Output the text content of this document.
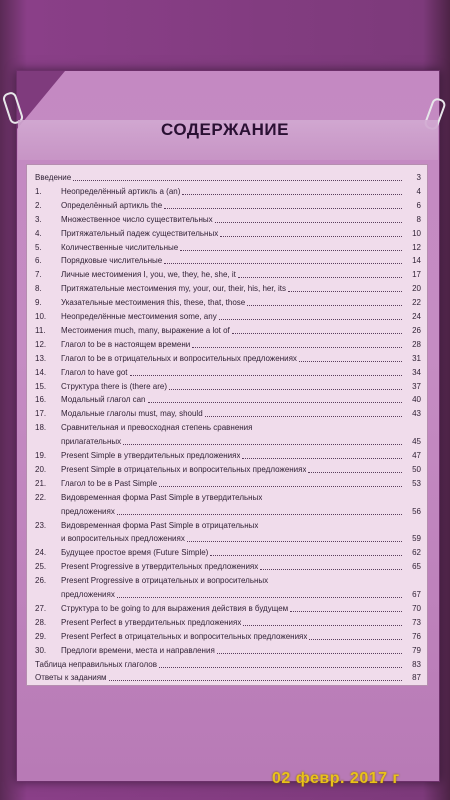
СОДЕРЖАНИЕ
Введение	3
1.	Неопределённый артикль a (an)	4
2.	Определённый артикль the	6
3.	Множественное число существительных	8
4.	Притяжательный падеж существительных	10
5.	Количественные числительные	12
6.	Порядковые числительные	14
7.	Личные местоимения I, you, we, they, he, she, it	17
8.	Притяжательные местоимения my, your, our, their, his, her, its	20
9.	Указательные местоимения this, these, that, those	22
10.	Неопределённые местоимения some, any	24
11.	Местоимения much, many, выражение a lot of	26
12.	Глагол to be в настоящем времени	28
13.	Глагол to be в отрицательных и вопросительных предложениях	31
14.	Глагол to have got	34
15.	Структура there is (there are)	37
16.	Модальный глагол can	40
17.	Модальные глаголы must, may, should	43
18.	Сравнительная и превосходная степень сравнения
прилагательных	45
19.	Present Simple в утвердительных предложениях	47
20.	Present Simple в отрицательных и вопросительных предложениях	50
21.	Глагол to be в Past Simple	53
22.	Видовременная форма Past Simple в утвердительных
предложениях	56
23.	Видовременная форма Past Simple в отрицательных
и вопросительных предложениях	59
24.	Будущее простое время (Future Simple)	62
25.	Present Progressive в утвердительных предложениях	65
26.	Present Progressive в отрицательных и вопросительных
предложениях	67
27.	Структура to be going to для выражения действия в будущем	70
28.	Present Perfect в утвердительных предложениях	73
29.	Present Perfect в отрицательных и вопросительных предложениях	76
30.	Предлоги времени, места и направления	79
Таблица неправильных глаголов	83
Ответы к заданиям	87
02 февр. 2017 г
